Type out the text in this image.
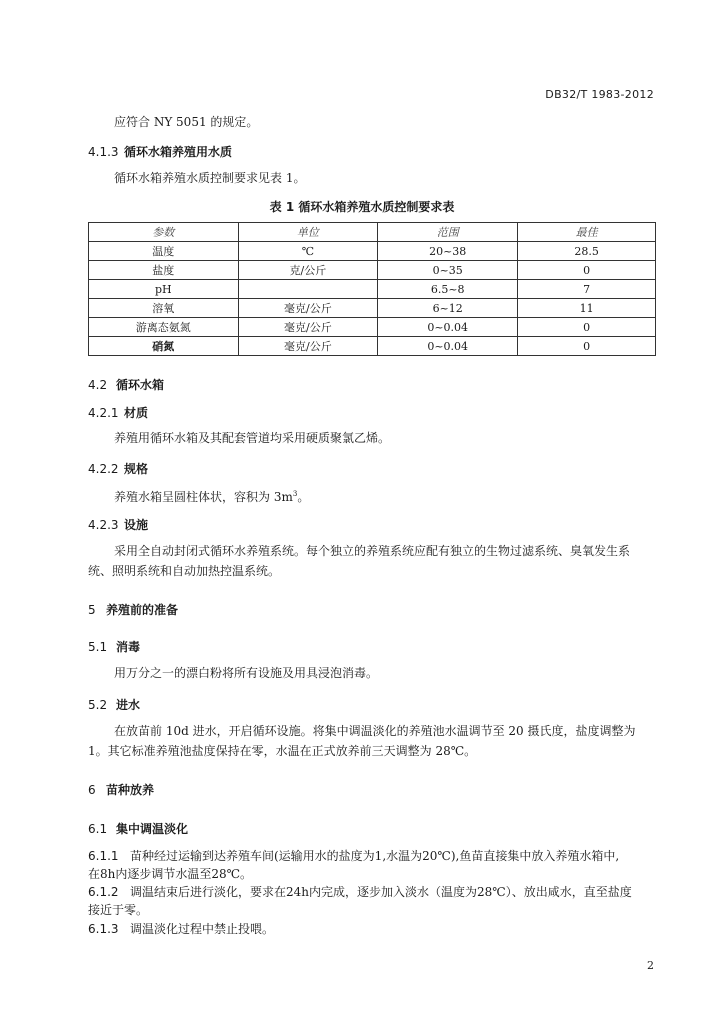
DB32/T 1983-2012
应符合 NY 5051 的规定。
4.1.3 循环水箱养殖用水质
循环水箱养殖水质控制要求见表 1。
表 1 循环水箱养殖水质控制要求表
参数	单位	范围	最佳
温度	℃	20~38	28.5
盐度	克/公斤	0~35	0
pH		6.5~8	7
溶氧	毫克/公斤	6~12	11
游离态氨氮	毫克/公斤	0~0.04	0
硝氮	毫克/公斤	0~0.04	0
4.2 循环水箱
4.2.1 材质
养殖用循环水箱及其配套管道均采用硬质聚氯乙烯。
4.2.2 规格
养殖水箱呈圆柱体状，容积为 $3m^3$。
4.2.3 设施
采用全自动封闭式循环水养殖系统。每个独立的养殖系统应配有独立的生物过滤系统、臭氧发生系
统、照明系统和自动加热控温系统。
5 养殖前的准备
5.1 消毒
用万分之一的漂白粉将所有设施及用具浸泡消毒。
5.2 进水
在放苗前 10d 进水，开启循环设施。将集中调温淡化的养殖池水温调节至 20 摄氏度，盐度调整为
1。其它标准养殖池盐度保持在零，水温在正式放养前三天调整为 28℃。
6 苗种放养
6.1 集中调温淡化
6.1.1 苗种经过运输到达养殖车间(运输用水的盐度为1,水温为20℃),鱼苗直接集中放入养殖水箱中,
在8h内逐步调节水温至28℃。
6.1.2 调温结束后进行淡化，要求在24h内完成，逐步加入淡水（温度为28℃）、放出咸水，直至盐度
接近于零。
6.1.3 调温淡化过程中禁止投喂。
2
